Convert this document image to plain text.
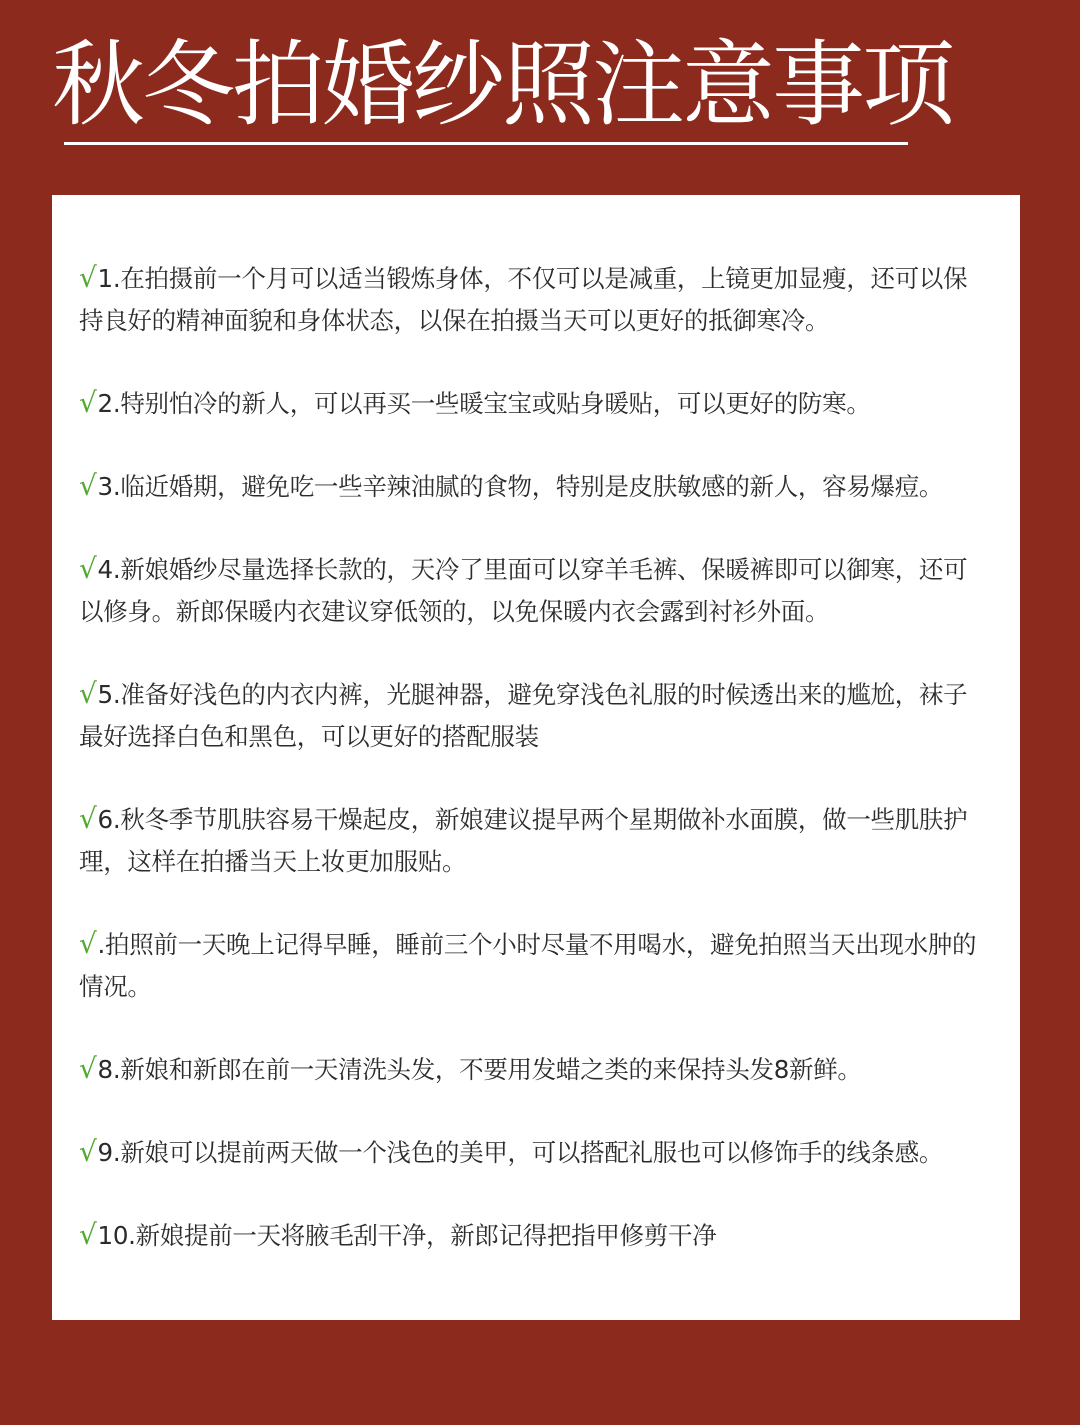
秋冬拍婚纱照注意事项
√1.在拍摄前一个月可以适当锻炼身体，不仅可以是减重，上镜更加显瘦，还可以保持良好的精神面貌和身体状态，以保在拍摄当天可以更好的抵御寒冷。
√2.特别怕冷的新人，可以再买一些暖宝宝或贴身暖贴，可以更好的防寒。
√3.临近婚期，避免吃一些辛辣油腻的食物，特别是皮肤敏感的新人，容易爆痘。
√4.新娘婚纱尽量选择长款的，天冷了里面可以穿羊毛裤、保暖裤即可以御寒，还可以修身。新郎保暖内衣建议穿低领的，以免保暖内衣会露到衬衫外面。
√5.准备好浅色的内衣内裤，光腿神器，避免穿浅色礼服的时候透出来的尴尬，袜子最好选择白色和黑色，可以更好的搭配服装
√6.秋冬季节肌肤容易干燥起皮，新娘建议提早两个星期做补水面膜，做一些肌肤护理，这样在拍播当天上妆更加服贴。
√.拍照前一天晚上记得早睡，睡前三个小时尽量不用喝水，避免拍照当天出现水肿的情况。
√8.新娘和新郎在前一天清洗头发，不要用发蜡之类的来保持头发8新鲜。
√9.新娘可以提前两天做一个浅色的美甲，可以搭配礼服也可以修饰手的线条感。
√10.新娘提前一天将腋毛刮干净，新郎记得把指甲修剪干净
